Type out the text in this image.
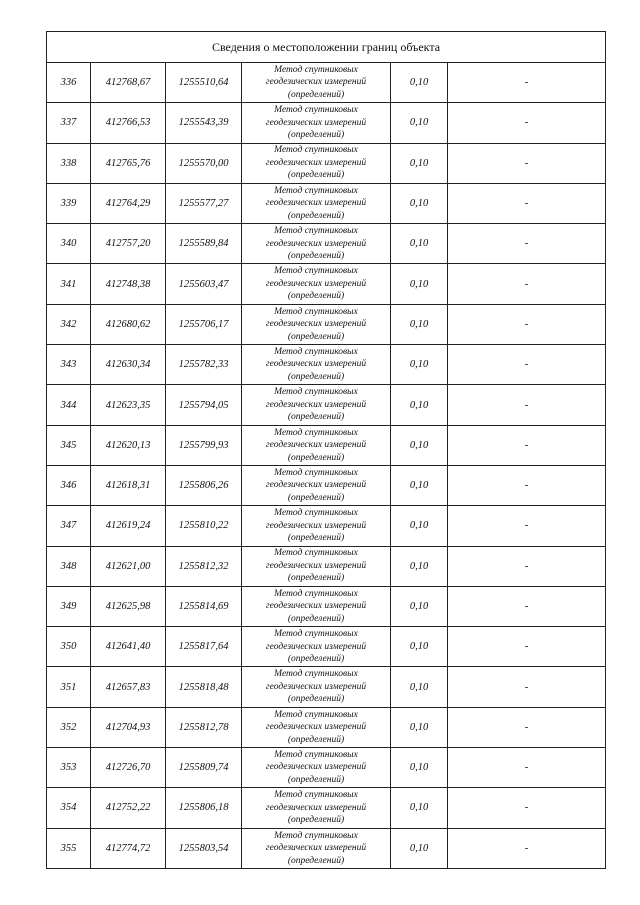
Сведения о местоположении границ объекта					
336	412768,67	1255510,64	Метод спутниковых
геодезических измерений
(определений)	0,10	-
337	412766,53	1255543,39	Метод спутниковых
геодезических измерений
(определений)	0,10	-
338	412765,76	1255570,00	Метод спутниковых
геодезических измерений
(определений)	0,10	-
339	412764,29	1255577,27	Метод спутниковых
геодезических измерений
(определений)	0,10	-
340	412757,20	1255589,84	Метод спутниковых
геодезических измерений
(определений)	0,10	-
341	412748,38	1255603,47	Метод спутниковых
геодезических измерений
(определений)	0,10	-
342	412680,62	1255706,17	Метод спутниковых
геодезических измерений
(определений)	0,10	-
343	412630,34	1255782,33	Метод спутниковых
геодезических измерений
(определений)	0,10	-
344	412623,35	1255794,05	Метод спутниковых
геодезических измерений
(определений)	0,10	-
345	412620,13	1255799,93	Метод спутниковых
геодезических измерений
(определений)	0,10	-
346	412618,31	1255806,26	Метод спутниковых
геодезических измерений
(определений)	0,10	-
347	412619,24	1255810,22	Метод спутниковых
геодезических измерений
(определений)	0,10	-
348	412621,00	1255812,32	Метод спутниковых
геодезических измерений
(определений)	0,10	-
349	412625,98	1255814,69	Метод спутниковых
геодезических измерений
(определений)	0,10	-
350	412641,40	1255817,64	Метод спутниковых
геодезических измерений
(определений)	0,10	-
351	412657,83	1255818,48	Метод спутниковых
геодезических измерений
(определений)	0,10	-
352	412704,93	1255812,78	Метод спутниковых
геодезических измерений
(определений)	0,10	-
353	412726,70	1255809,74	Метод спутниковых
геодезических измерений
(определений)	0,10	-
354	412752,22	1255806,18	Метод спутниковых
геодезических измерений
(определений)	0,10	-
355	412774,72	1255803,54	Метод спутниковых
геодезических измерений
(определений)	0,10	-
